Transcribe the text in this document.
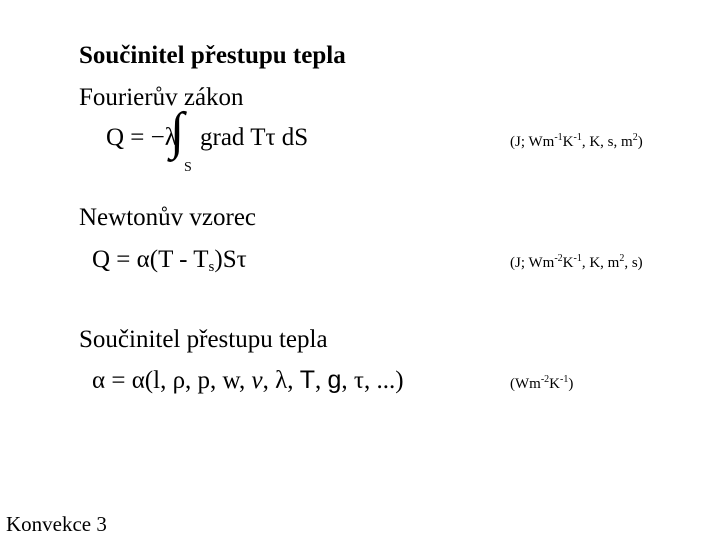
Součinitel přestupu tepla
Fourierův zákon
Q = −λ
∫
S
grad Tτ dS	(J; $Wm^{-1}K^{-1}$, K, s, $m^2$)
Newtonův vzorec
$Q = \alpha(T - T_s)S\tau$	(J; $Wm^{-2}K^{-1}$, K, $m^2$, s)
Součinitel přestupu tepla
α = α(l, ρ, p, w, v, λ, T, g, τ, ...)	$(Wm^{-2}K^{-1})$
Konvekce 3
